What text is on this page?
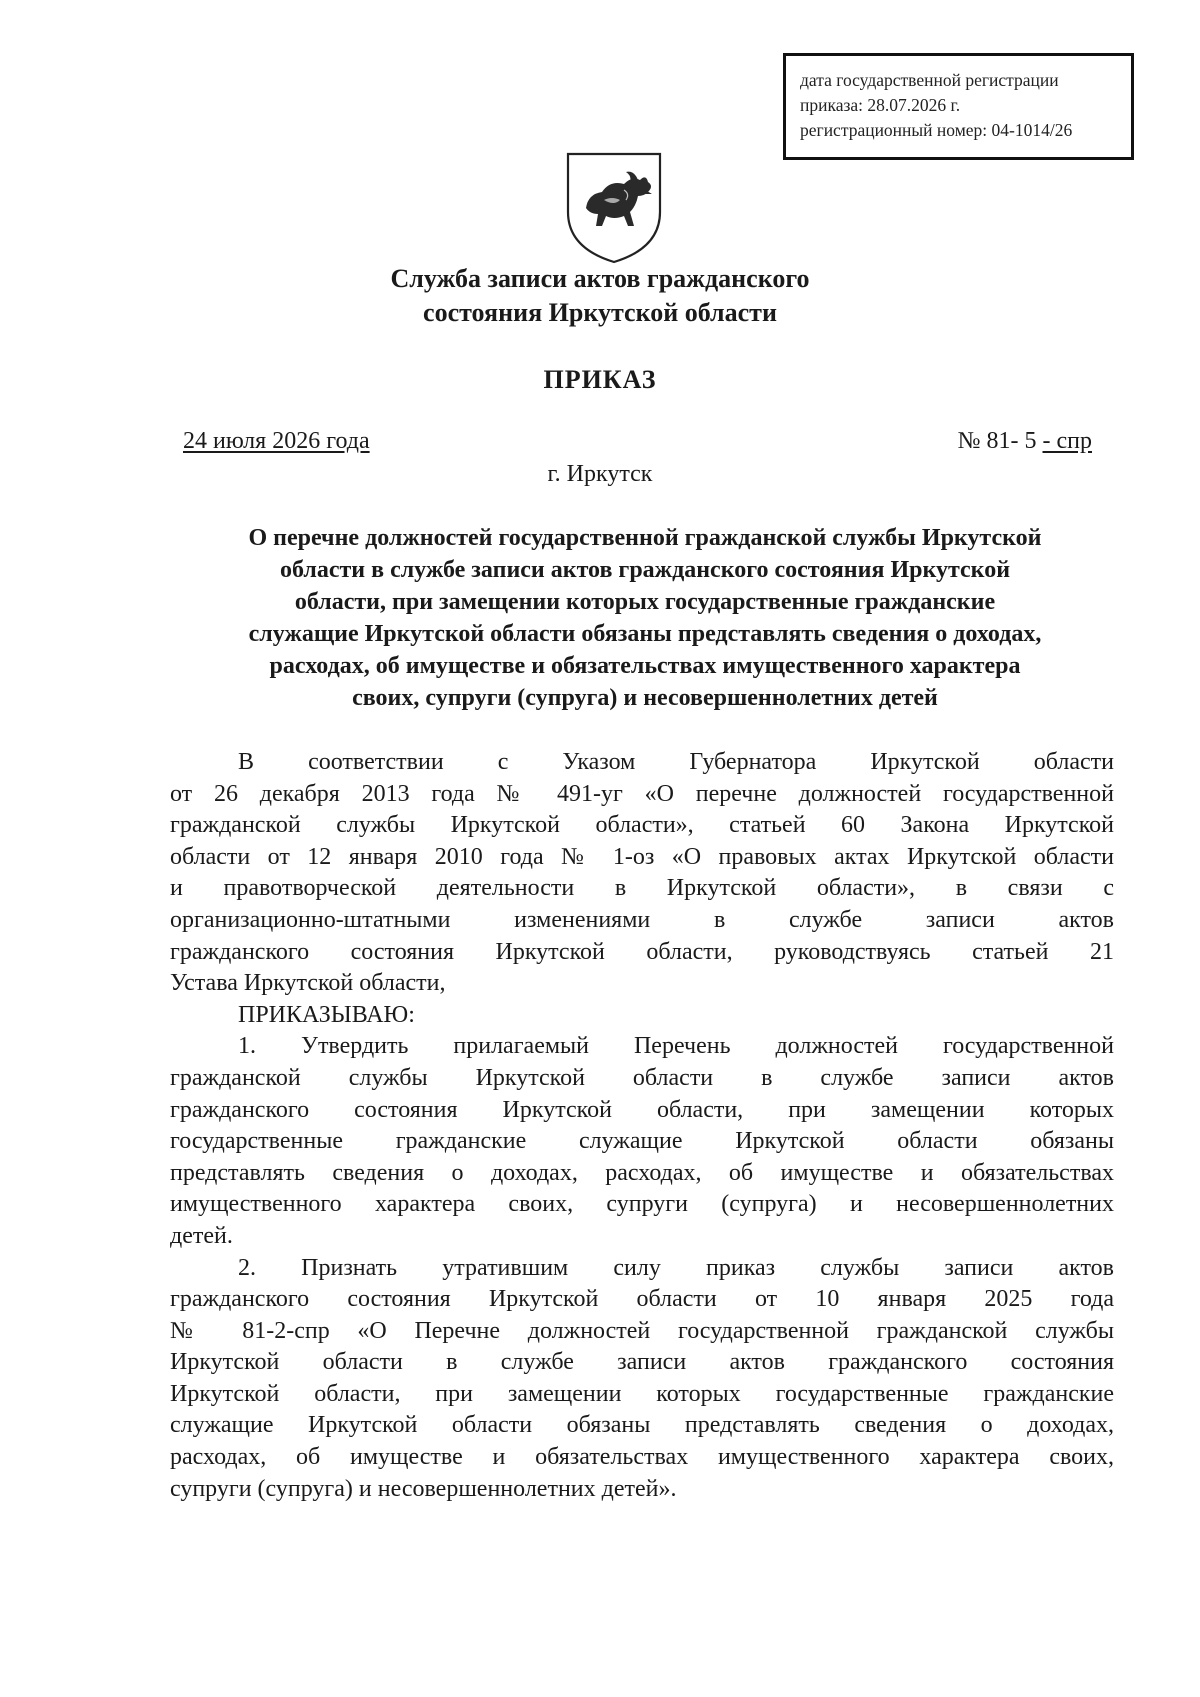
дата государственной регистрации
приказа: 28.07.2026 г.
регистрационный номер: 04-1014/26
Служба записи актов гражданского
состояния Иркутской области
ПРИКАЗ
24 июля 2026 года	№ 81- 5 - спр
г. Иркутск
О перечне должностей государственной гражданской службы Иркутской
области в службе записи актов гражданского состояния Иркутской
области, при замещении которых государственные гражданские
служащие Иркутской области обязаны представлять сведения о доходах,
расходах, об имуществе и обязательствах имущественного характера
своих, супруги (супруга) и несовершеннолетних детей
В соответствии с Указом Губернатора Иркутской области
от 26 декабря 2013 года № 491-уг «О перечне должностей государственной
гражданской службы Иркутской области», статьей 60 Закона Иркутской
области от 12 января 2010 года № 1-оз «О правовых актах Иркутской области
и правотворческой деятельности в Иркутской области», в связи с
организационно-штатными изменениями в службе записи актов
гражданского состояния Иркутской области, руководствуясь статьей 21
Устава Иркутской области,
ПРИКАЗЫВАЮ:
1. Утвердить прилагаемый Перечень должностей государственной
гражданской службы Иркутской области в службе записи актов
гражданского состояния Иркутской области, при замещении которых
государственные гражданские служащие Иркутской области обязаны
представлять сведения о доходах, расходах, об имуществе и обязательствах
имущественного характера своих, супруги (супруга) и несовершеннолетних
детей.
2. Признать утратившим силу приказ службы записи актов
гражданского состояния Иркутской области от 10 января 2025 года
№ 81-2-спр «О Перечне должностей государственной гражданской службы
Иркутской области в службе записи актов гражданского состояния
Иркутской области, при замещении которых государственные гражданские
служащие Иркутской области обязаны представлять сведения о доходах,
расходах, об имуществе и обязательствах имущественного характера своих,
супруги (супруга) и несовершеннолетних детей».
